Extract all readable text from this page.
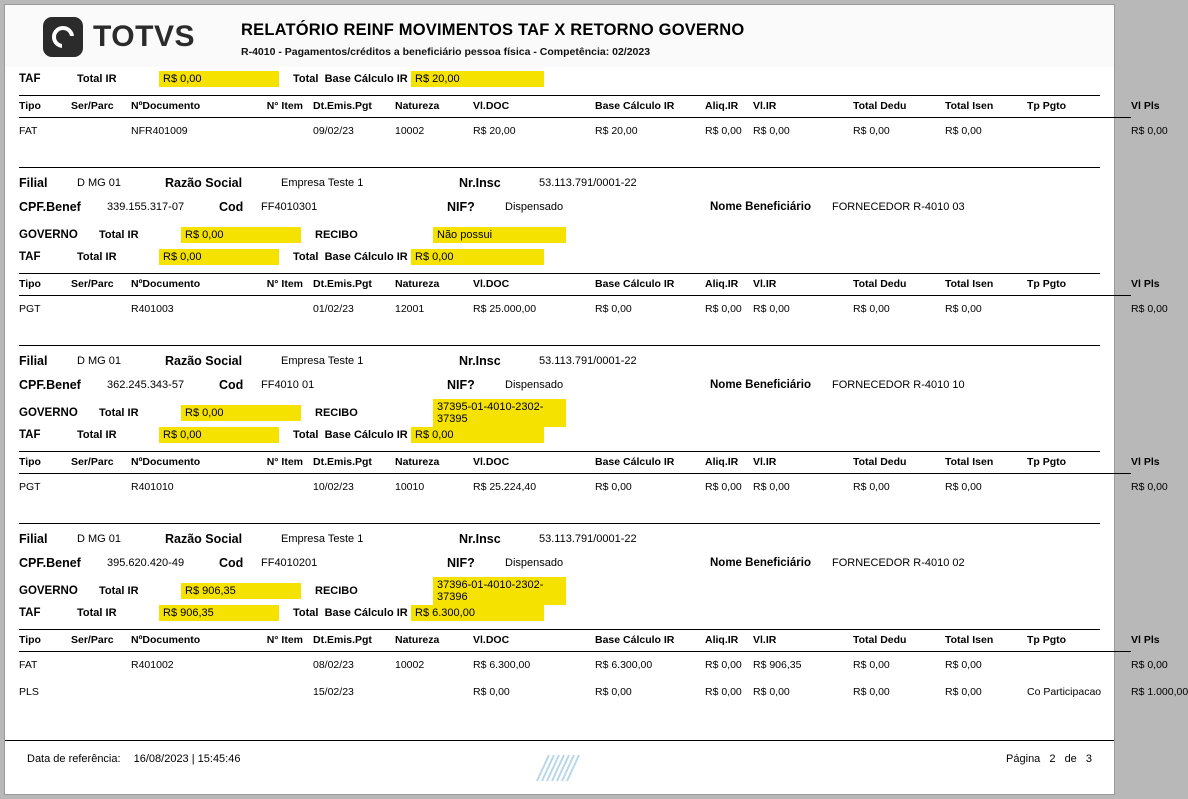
TOTVS	RELATÓRIO REINF MOVIMENTOS TAF X RETORNO GOVERNO
R-4010 - Pagamentos/créditos a beneficiário pessoa física - Competência: 02/2023
TAF	Total IR	R$ 0,00	Total Base Cálculo IR R$ 20,00
Tipo	Ser/Parc	NºDocumento	N° Item	Dt.Emis.Pgt	Natureza	Vl.DOC	Base Cálculo IR	Aliq.IR	Vl.IR	Total Dedu	Total Isen	Tp Pgto	Vl Pls
FAT		NFR401009		09/02/23	10002	R$ 20,00	R$ 20,00	R$ 0,00	R$ 0,00	R$ 0,00	R$ 0,00		R$ 0,00
Filial	D MG 01	Razão Social	Empresa Teste 1	Nr.Insc	53.113.791/0001-22
CPF.Benef	339.155.317-07	Cod	FF4010301	NIF?	Dispensado	Nome Beneficiário	FORNECEDOR R-4010 03
GOVERNO	Total IR	R$ 0,00	RECIBO	Não possui
TAF	Total IR	R$ 0,00	Total Base Cálculo IR R$ 0,00
Tipo	Ser/Parc	NºDocumento	N° Item	Dt.Emis.Pgt	Natureza	Vl.DOC	Base Cálculo IR	Aliq.IR	Vl.IR	Total Dedu	Total Isen	Tp Pgto	Vl Pls
PGT		R401003		01/02/23	12001	R$ 25.000,00	R$ 0,00	R$ 0,00	R$ 0,00	R$ 0,00	R$ 0,00		R$ 0,00
Filial	D MG 01	Razão Social	Empresa Teste 1	Nr.Insc	53.113.791/0001-22
CPF.Benef	362.245.343-57	Cod	FF4010 01	NIF?	Dispensado	Nome Beneficiário	FORNECEDOR R-4010 10
GOVERNO	Total IR	R$ 0,00	RECIBO	37395-01-4010-2302-37395
TAF	Total IR	R$ 0,00	Total Base Cálculo IR R$ 0,00
Tipo	Ser/Parc	NºDocumento	N° Item	Dt.Emis.Pgt	Natureza	Vl.DOC	Base Cálculo IR	Aliq.IR	Vl.IR	Total Dedu	Total Isen	Tp Pgto	Vl Pls
PGT		R401010		10/02/23	10010	R$ 25.224,40	R$ 0,00	R$ 0,00	R$ 0,00	R$ 0,00	R$ 0,00		R$ 0,00
Filial	D MG 01	Razão Social	Empresa Teste 1	Nr.Insc	53.113.791/0001-22
CPF.Benef	395.620.420-49	Cod	FF4010201	NIF?	Dispensado	Nome Beneficiário	FORNECEDOR R-4010 02
GOVERNO	Total IR	R$ 906,35	RECIBO	37396-01-4010-2302-37396
TAF	Total IR	R$ 906,35	Total Base Cálculo IR R$ 6.300,00
Tipo	Ser/Parc	NºDocumento	N° Item	Dt.Emis.Pgt	Natureza	Vl.DOC	Base Cálculo IR	Aliq.IR	Vl.IR	Total Dedu	Total Isen	Tp Pgto	Vl Pls
FAT		R401002		08/02/23	10002	R$ 6.300,00	R$ 6.300,00	R$ 0,00	R$ 906,35	R$ 0,00	R$ 0,00		R$ 0,00
PLS				15/02/23		R$ 0,00	R$ 0,00	R$ 0,00	R$ 0,00	R$ 0,00	R$ 0,00	Co Participacao	R$ 1.000,00
Data de referência: 16/08/2023 | 15:45:46	Página 2 de 3
